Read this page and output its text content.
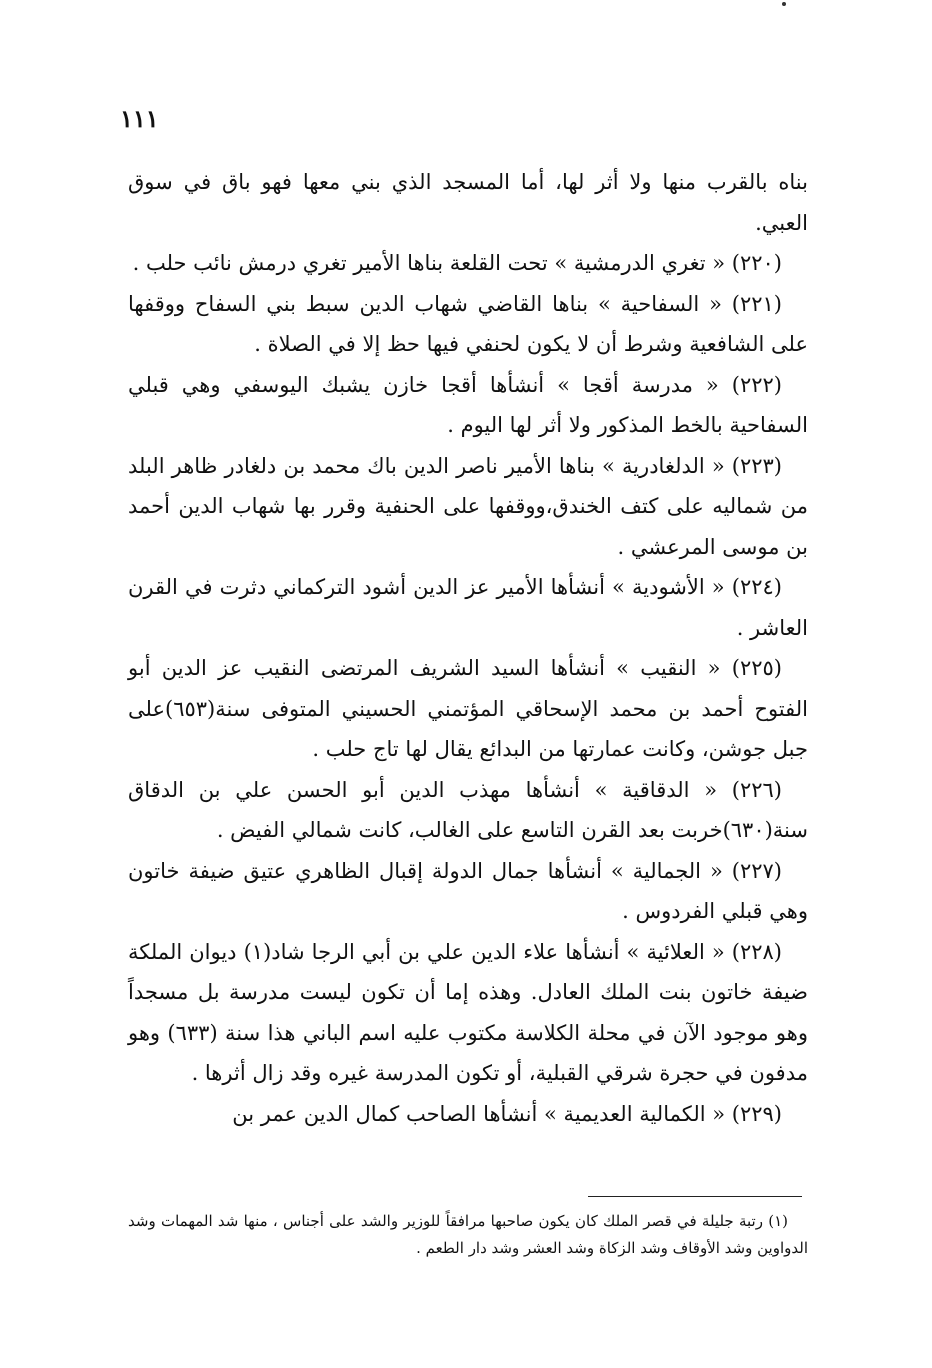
١١١

بناه بالقرب منها ولا أثر لها، أما المسجد الذي بني معها فهو باق في سوق العبي.

(٢٢٠) « تغري الدرمشية » تحت القلعة بناها الأمير تغري درمش نائب حلب .

(٢٢١) « السفاحية » بناها القاضي شهاب الدين سبط بني السفاح ووقفها على الشافعية وشرط أن لا يكون لحنفي فيها حظ إلا في الصلاة .

(٢٢٢) « مدرسة أقجا » أنشأها أقجا خازن يشبك اليوسفي وهي قبلي السفاحية بالخط المذكور ولا أثر لها اليوم .

(٢٢٣) « الدلغادرية » بناها الأمير ناصر الدين باك محمد بن دلغادر ظاهر البلد من شماليه على كتف الخندق،ووقفها على الحنفية وقرر بها شهاب الدين أحمد بن موسى المرعشي .

(٢٢٤) « الأشودية » أنشأها الأمير عز الدين أشود التركماني دثرت في القرن العاشر .

(٢٢٥) « النقيب » أنشأها السيد الشريف المرتضى النقيب عز الدين أبو الفتوح أحمد بن محمد الإسحاقي المؤتمني الحسيني المتوفى سنة(٦٥٣)على جبل جوشن، وكانت عمارتها من البدائع يقال لها تاج حلب .

(٢٢٦) « الدقاقية » أنشأها مهذب الدين أبو الحسن علي بن الدقاق سنة(٦٣٠)خربت بعد القرن التاسع على الغالب، كانت شمالي الفيض .

(٢٢٧) « الجمالية » أنشأها جمال الدولة إقبال الظاهري عتيق ضيفة خاتون وهي قبلي الفردوس .

(٢٢٨) « العلائية » أنشأها علاء الدين علي بن أبي الرجا شاد(١) ديوان الملكة ضيفة خاتون بنت الملك العادل. وهذه إما أن تكون ليست مدرسة بل مسجداً وهو موجود الآن في محلة الكلاسة مكتوب عليه اسم الباني هذا سنة (٦٣٣) وهو مدفون في حجرة شرقي القبلية، أو تكون المدرسة غيره وقد زال أثرها .

(٢٢٩) « الكمالية العديمية » أنشأها الصاحب كمال الدين عمر بن

(١) رتبة جليلة في قصر الملك كان يكون صاحبها مرافقاً للوزير والشد على أجناس ، منها شد المهمات وشد الدواوين وشد الأوقاف وشد الزكاة وشد العشر وشد دار الطعم .
